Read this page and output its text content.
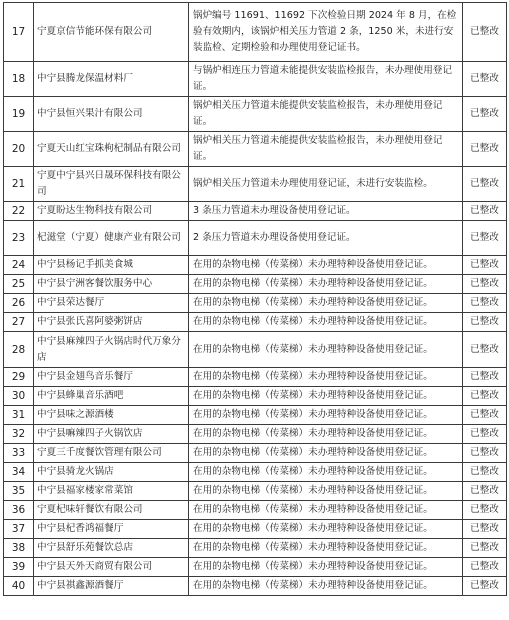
17	宁夏京信节能环保有限公司	锅炉编号 11691、11692 下次检验日期 2024 年 8 月，在检验有效期内，该锅炉相关压力管道 2 条，1250 米，未进行安装监检、定期检验和办理使用登记证书。	已整改
18	中宁县腾龙保温材料厂	与锅炉相连压力管道未能提供安装监检报告，未办理使用登记证。	已整改
19	中宁县恒兴果汁有限公司	锅炉相关压力管道未能提供安装监检报告，未办理使用登记证。	已整改
20	宁夏天山红宝珠枸杞制品有限公司	锅炉相关压力管道未能提供安装监检报告，未办理使用登记证。	已整改
21	宁夏中宁县兴日晟环保科技有限公司	锅炉相关压力管道未办理使用登记证，未进行安装监检。	已整改
22	宁夏盼达生物科技有限公司	3 条压力管道未办理设备使用登记证。	已整改
23	杞滋堂（宁夏）健康产业有限公司	2 条压力管道未办理设备使用登记证。	已整改
24	中宁县杨记手抓美食城	在用的杂物电梯（传菜梯）未办理特种设备使用登记证。	已整改
25	中宁县宁洲客餐饮服务中心	在用的杂物电梯（传菜梯）未办理特种设备使用登记证。	已整改
26	中宁县荣达餐厅	在用的杂物电梯（传菜梯）未办理特种设备使用登记证。	已整改
27	中宁县张氏喜阿婆粥饼店	在用的杂物电梯（传菜梯）未办理特种设备使用登记证。	已整改
28	中宁县麻辣四子火锅店时代万象分店	在用的杂物电梯（传菜梯）未办理特种设备使用登记证。	已整改
29	中宁县金翅鸟音乐餐厅	在用的杂物电梯（传菜梯）未办理特种设备使用登记证。	已整改
30	中宁县蜂巢音乐酒吧	在用的杂物电梯（传菜梯）未办理特种设备使用登记证。	已整改
31	中宁县味之源酒楼	在用的杂物电梯（传菜梯）未办理特种设备使用登记证。	已整改
32	中宁县嘛辣四子火锅饮店	在用的杂物电梯（传菜梯）未办理特种设备使用登记证。	已整改
33	宁夏三千度餐饮管理有限公司	在用的杂物电梯（传菜梯）未办理特种设备使用登记证。	已整改
34	中宁县骑龙火锅店	在用的杂物电梯（传菜梯）未办理特种设备使用登记证。	已整改
35	中宁县福家楼家常菜馆	在用的杂物电梯（传菜梯）未办理特种设备使用登记证。	已整改
36	宁夏杞味轩餐饮有限公司	在用的杂物电梯（传菜梯）未办理特种设备使用登记证。	已整改
37	中宁县杞香鸿福餐厅	在用的杂物电梯（传菜梯）未办理特种设备使用登记证。	已整改
38	中宁县舒乐苑餐饮总店	在用的杂物电梯（传菜梯）未办理特种设备使用登记证。	已整改
39	中宁县天外天商贸有限公司	在用的杂物电梯（传菜梯）未办理特种设备使用登记证。	已整改
40	中宁县祺鑫源酒餐厅	在用的杂物电梯（传菜梯）未办理特种设备使用登记证。	已整改
